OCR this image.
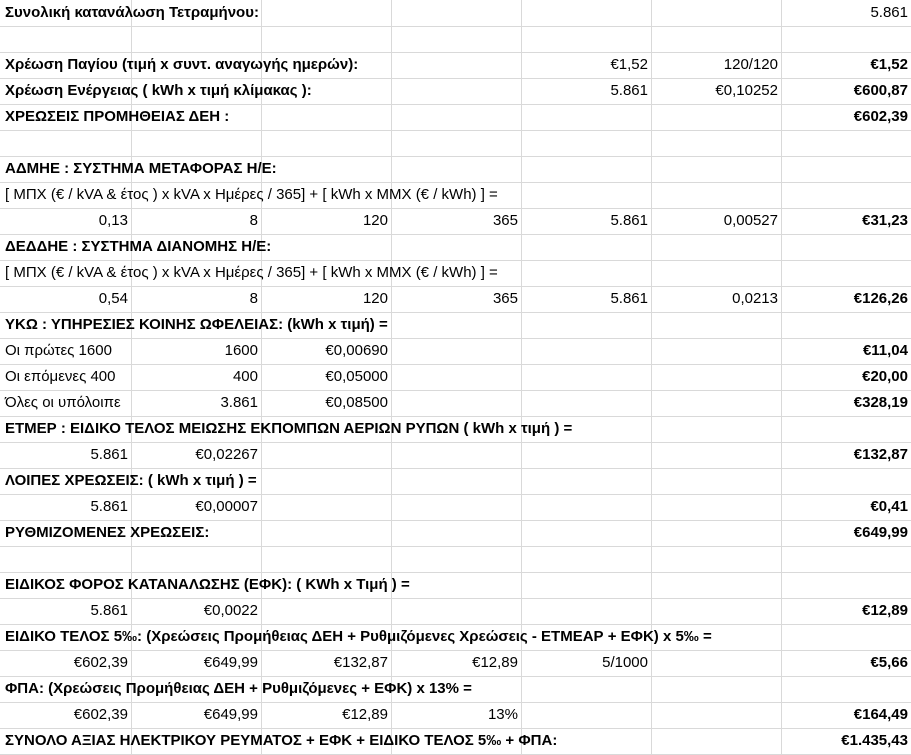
Συνολική κατανάλωση Τετραμήνου:	5.861
Χρέωση Παγίου (τιμή x συντ. αναγωγής ημερών):	€1,52	120/120	€1,52
Χρέωση Ενέργειας ( kWh x τιμή κλίμακας ):	5.861	€0,10252	€600,87
ΧΡΕΩΣΕΙΣ ΠΡΟΜΗΘΕΙΑΣ ΔΕΗ :	€602,39
ΑΔΜΗΕ : ΣΥΣΤΗΜΑ ΜΕΤΑΦΟΡΑΣ Η/Ε:
[ ΜΠΧ (€ / kVA & έτος ) x kVA x Ημέρες / 365] + [ kWh x ΜΜΧ (€ / kWh) ] =
0,13	8	120	365	5.861	0,00527	€31,23
ΔΕΔΔΗΕ : ΣΥΣΤΗΜΑ ΔΙΑΝΟΜΗΣ Η/Ε:
[ ΜΠΧ (€ / kVA & έτος ) x kVA x Ημέρες / 365] + [ kWh x ΜΜΧ (€ / kWh) ] =
0,54	8	120	365	5.861	0,0213	€126,26
ΥΚΩ : ΥΠΗΡΕΣΙΕΣ ΚΟΙΝΗΣ ΩΦΕΛΕΙΑΣ: (kWh x τιμή) =
Οι πρώτες 1600	1600	€0,00690	€11,04
Οι επόμενες 400	400	€0,05000	€20,00
Όλες οι υπόλοιπε	3.861	€0,08500	€328,19
ΕΤΜΕΡ : ΕΙΔΙΚΟ ΤΕΛΟΣ ΜΕΙΩΣΗΣ ΕΚΠΟΜΠΩΝ ΑΕΡΙΩΝ ΡΥΠΩΝ ( kWh x τιμή ) =
5.861	€0,02267	€132,87
ΛΟΙΠΕΣ ΧΡΕΩΣΕΙΣ: ( kWh x τιμή ) =
5.861	€0,00007	€0,41
ΡΥΘΜΙΖΟΜΕΝΕΣ ΧΡΕΩΣΕΙΣ:	€649,99
ΕΙΔΙΚΟΣ ΦΟΡΟΣ ΚΑΤΑΝΑΛΩΣΗΣ (ΕΦΚ): ( KWh x Τιμή ) =
5.861	€0,0022	€12,89
ΕΙΔΙΚΟ ΤΕΛΟΣ 5‰: (Χρεώσεις Προμήθειας ΔΕΗ + Ρυθμιζόμενες Χρεώσεις - ΕΤΜΕΑΡ + ΕΦΚ) x 5‰ =
€602,39	€649,99	€132,87	€12,89	5/1000	€5,66
ΦΠΑ: (Χρεώσεις Προμήθειας ΔΕΗ + Ρυθμιζόμενες + ΕΦΚ) x 13% =
€602,39	€649,99	€12,89	13%	€164,49
ΣΥΝΟΛΟ ΑΞΙΑΣ ΗΛΕΚΤΡΙΚΟΥ ΡΕΥΜΑΤΟΣ + ΕΦΚ + ΕΙΔΙΚΟ ΤΕΛΟΣ 5‰ + ΦΠΑ:	€1.435,43
